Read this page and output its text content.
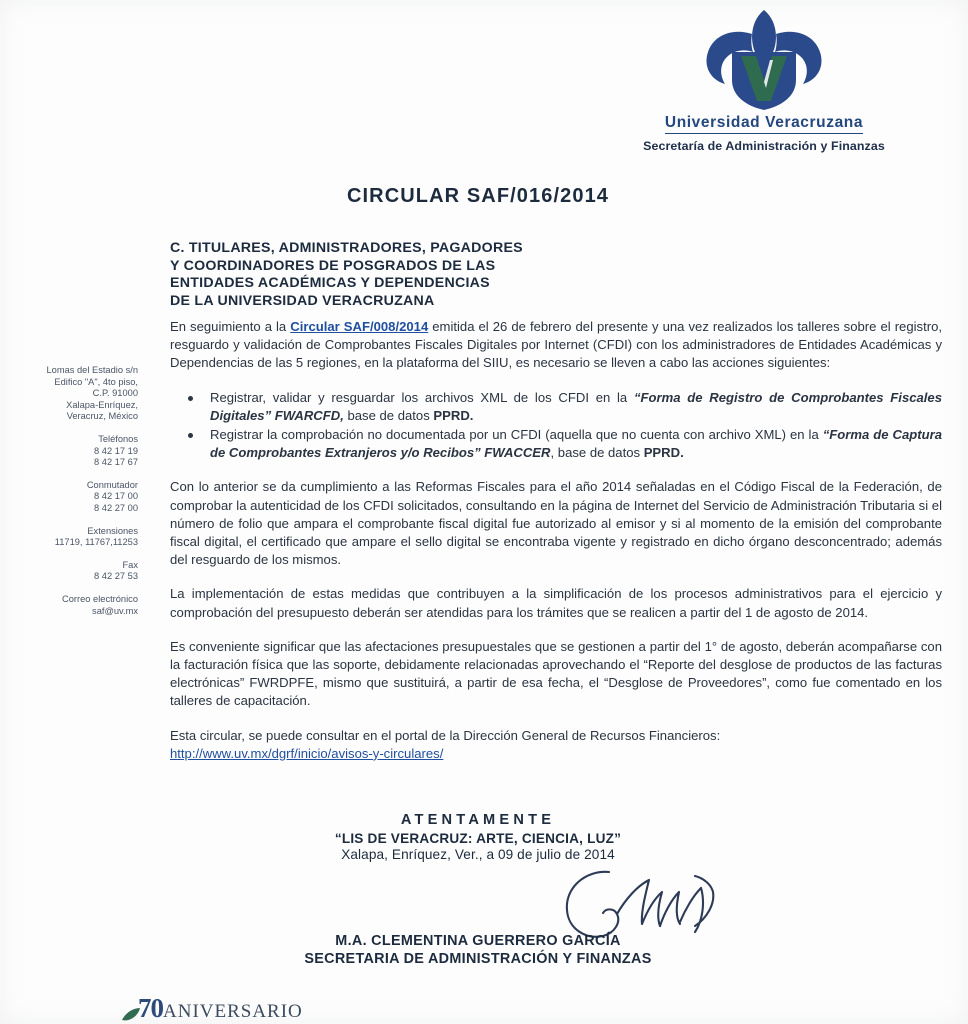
Universidad Veracruzana
Secretaría de Administración y Finanzas
CIRCULAR SAF/016/2014
C. TITULARES, ADMINISTRADORES, PAGADORES
Y COORDINADORES DE POSGRADOS DE LAS
ENTIDADES ACADÉMICAS Y DEPENDENCIAS
DE LA UNIVERSIDAD VERACRUZANA
Lomas del Estadio s/n
Edifico "A", 4to piso,
C.P. 91000
Xalapa-Enríquez,
Veracruz, México
Teléfonos
8 42 17 19
8 42 17 67
Conmutador
8 42 17 00
8 42 27 00
Extensiones
11719, 11767,11253
Fax
8 42 27 53
Correo electrónico
saf@uv.mx

En seguimiento a la Circular SAF/008/2014 emitida el 26 de febrero del presente y una vez realizados los talleres sobre el registro, resguardo y validación de Comprobantes Fiscales Digitales por Internet (CFDI) con los administradores de Entidades Académicas y Dependencias de las 5 regiones, en la plataforma del SIIU, es necesario se lleven a cabo las acciones siguientes:

Registrar, validar y resguardar los archivos XML de los CFDI en la “Forma de Registro de Comprobantes Fiscales Digitales” FWARCFD, base de datos PPRD.
Registrar la comprobación no documentada por un CFDI (aquella que no cuenta con archivo XML) en la “Forma de Captura de Comprobantes Extranjeros y/o Recibos” FWACCER, base de datos PPRD.

Con lo anterior se da cumplimiento a las Reformas Fiscales para el año 2014 señaladas en el Código Fiscal de la Federación, de comprobar la autenticidad de los CFDI solicitados, consultando en la página de Internet del Servicio de Administración Tributaria si el número de folio que ampara el comprobante fiscal digital fue autorizado al emisor y si al momento de la emisión del comprobante fiscal digital, el certificado que ampare el sello digital se encontraba vigente y registrado en dicho órgano desconcentrado; además del resguardo de los mismos.

La implementación de estas medidas que contribuyen a la simplificación de los procesos administrativos para el ejercicio y comprobación del presupuesto deberán ser atendidas para los trámites que se realicen a partir del 1 de agosto de 2014.

Es conveniente significar que las afectaciones presupuestales que se gestionen a partir del 1° de agosto, deberán acompañarse con la facturación física que las soporte, debidamente relacionadas aprovechando el “Reporte del desglose de productos de las facturas electrónicas” FWRDPFE, mismo que sustituirá, a partir de esa fecha, el “Desglose de Proveedores”, como fue comentado en los talleres de capacitación.

Esta circular, se puede consultar en el portal de la Dirección General de Recursos Financieros:
http://www.uv.mx/dgrf/inicio/avisos-y-circulares/

ATENTAMENTE
“LIS DE VERACRUZ: ARTE, CIENCIA, LUZ”
Xalapa, Enríquez, Ver., a 09 de julio de 2014
M.A. CLEMENTINA GUERRERO GARCÍA
SECRETARIA DE ADMINISTRACIÓN Y FINANZAS
70 ANIVERSARIO
